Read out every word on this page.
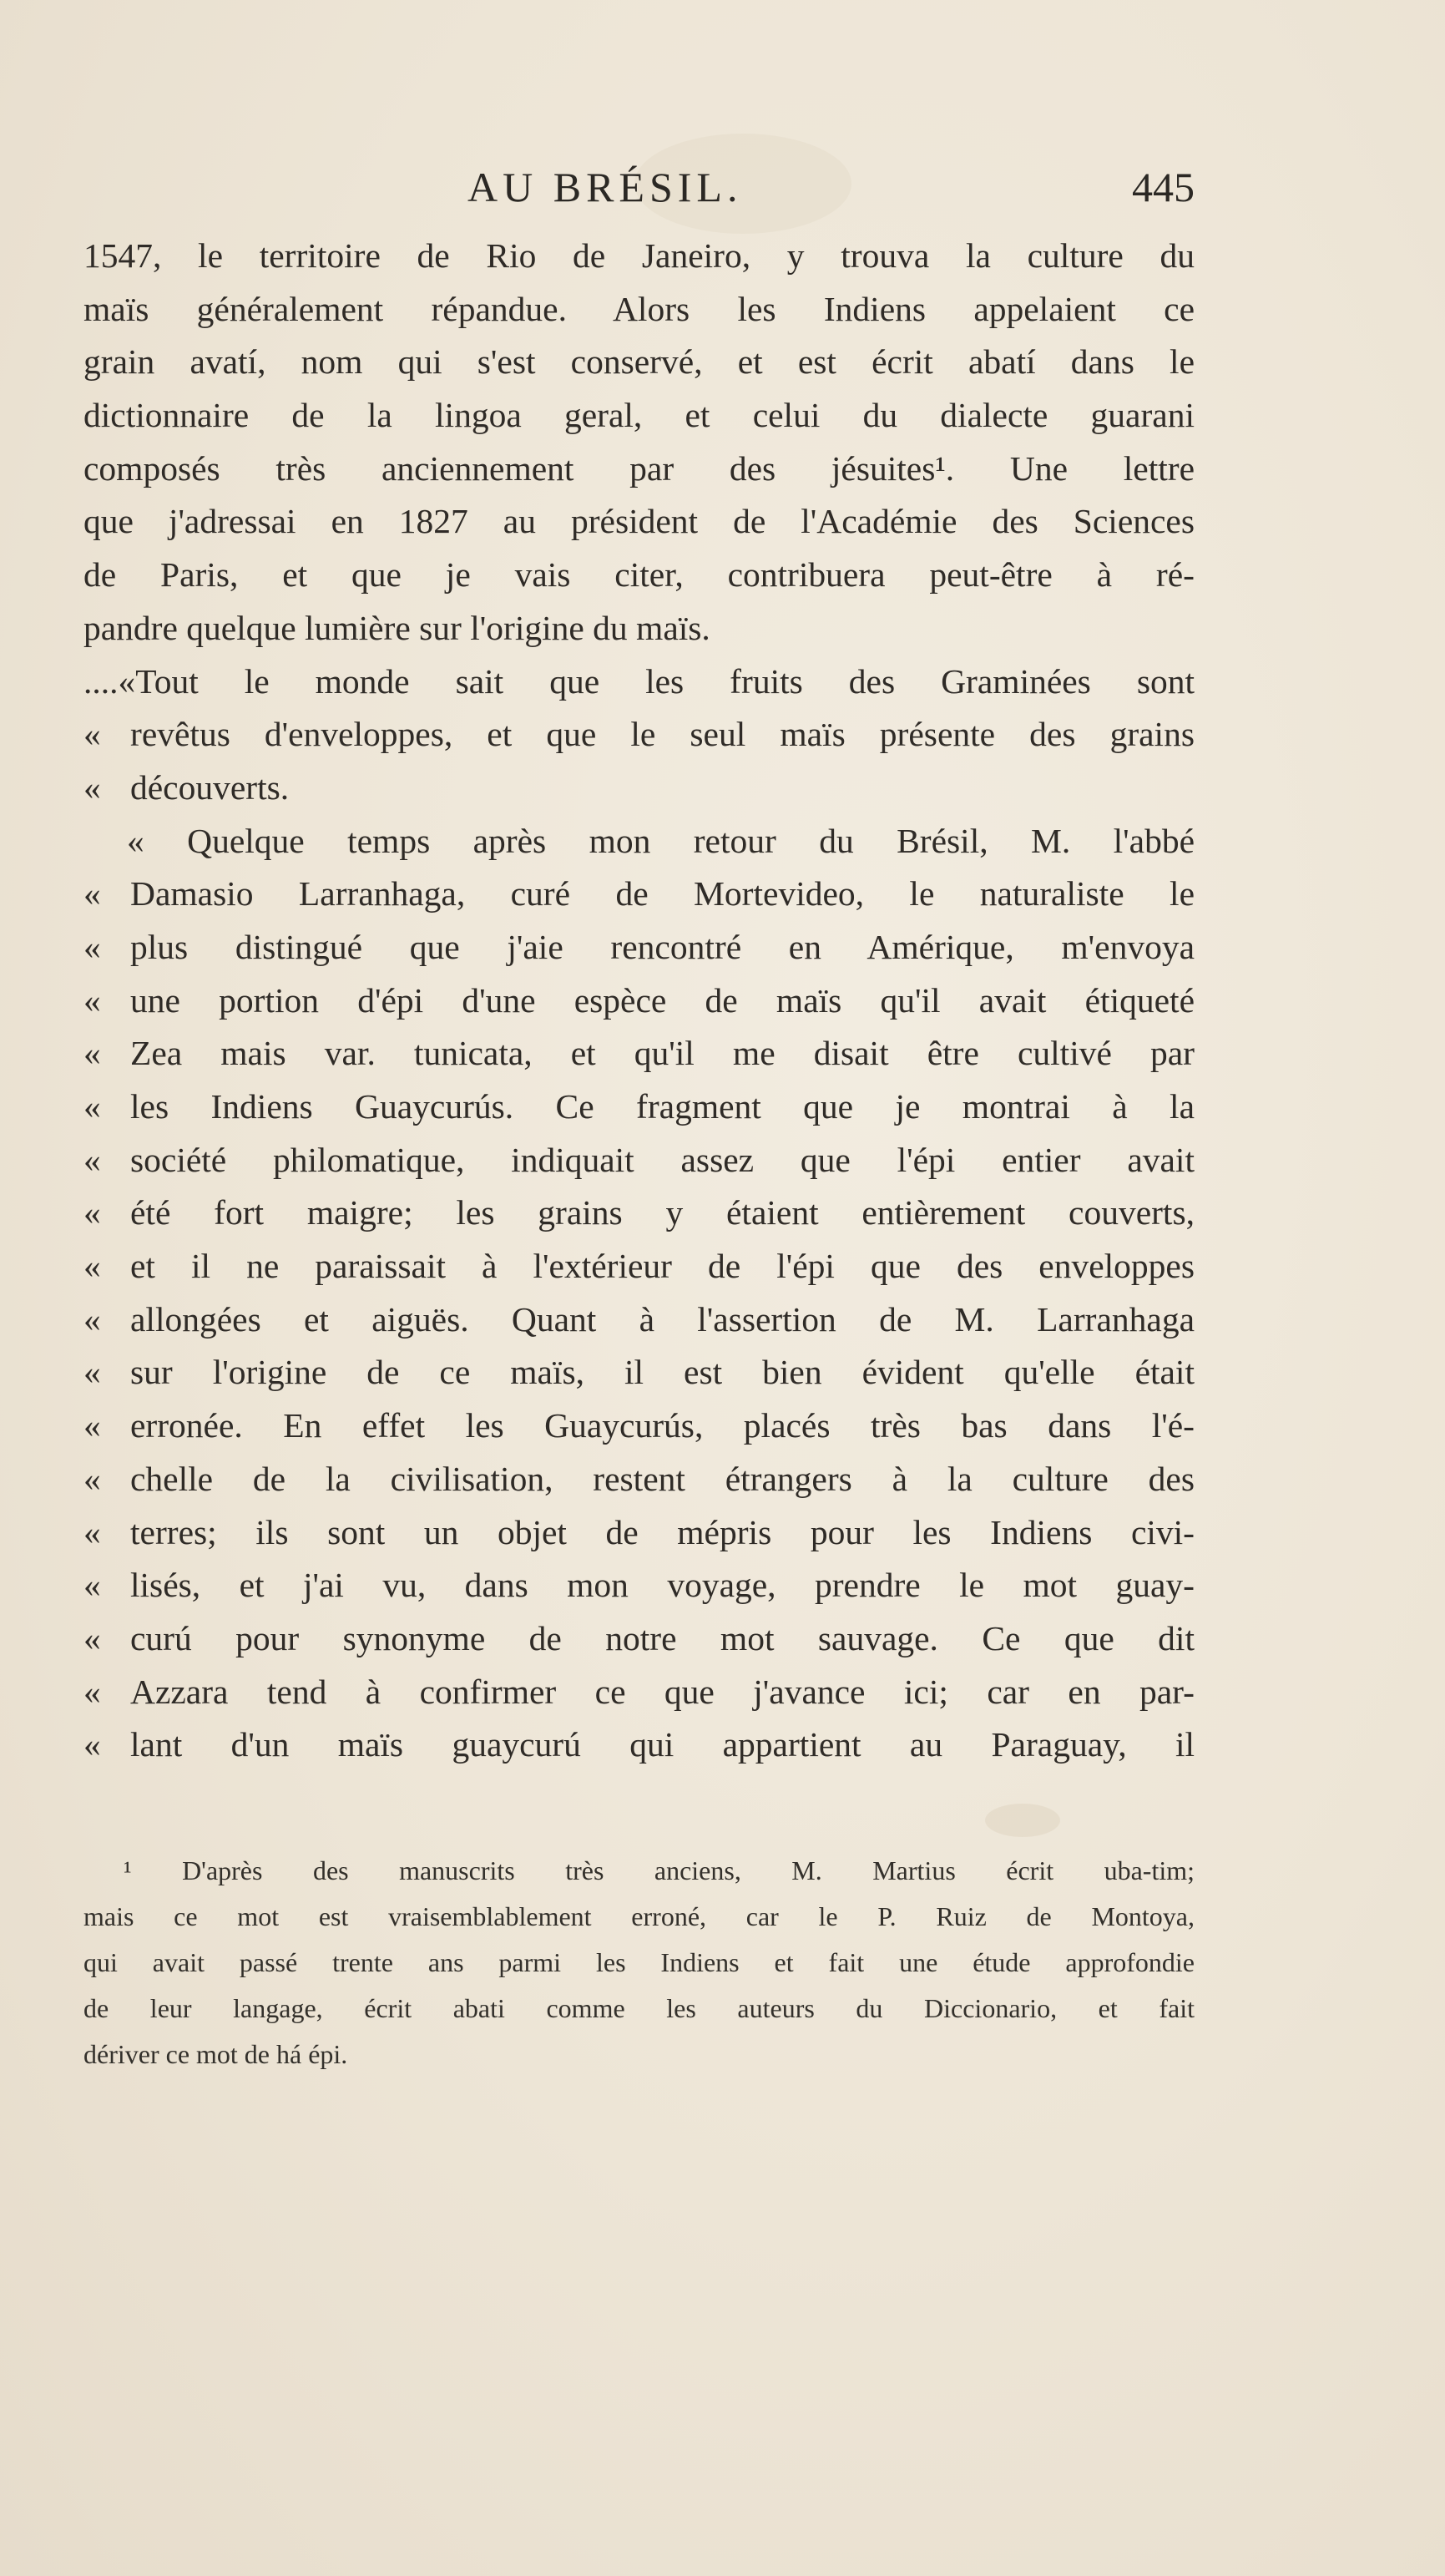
AU BRÉSIL.	445
1547, le territoire de Rio de Janeiro, y trouva la culture du
maïs généralement répandue. Alors les Indiens appelaient ce
grain avatí, nom qui s'est conservé, et est écrit abatí dans le
dictionnaire de la lingoa geral, et celui du dialecte guarani
composés très anciennement par des jésuites¹. Une lettre
que j'adressai en 1827 au président de l'Académie des Sciences
de Paris, et que je vais citer, contribuera peut-être à ré-
pandre quelque lumière sur l'origine du maïs.
....«Tout le monde sait que les fruits des Graminées sont
« revêtus d'enveloppes, et que le seul maïs présente des grains
« découverts.
« Quelque temps après mon retour du Brésil, M. l'abbé
« Damasio Larranhaga, curé de Mortevideo, le naturaliste le
« plus distingué que j'aie rencontré en Amérique, m'envoya
« une portion d'épi d'une espèce de maïs qu'il avait étiqueté
« Zea mais var. tunicata, et qu'il me disait être cultivé par
« les Indiens Guaycurús. Ce fragment que je montrai à la
« société philomatique, indiquait assez que l'épi entier avait
« été fort maigre; les grains y étaient entièrement couverts,
« et il ne paraissait à l'extérieur de l'épi que des enveloppes
« allongées et aiguës. Quant à l'assertion de M. Larranhaga
« sur l'origine de ce maïs, il est bien évident qu'elle était
« erronée. En effet les Guaycurús, placés très bas dans l'é-
« chelle de la civilisation, restent étrangers à la culture des
« terres; ils sont un objet de mépris pour les Indiens civi-
« lisés, et j'ai vu, dans mon voyage, prendre le mot guay-
« curú pour synonyme de notre mot sauvage. Ce que dit
« Azzara tend à confirmer ce que j'avance ici; car en par-
« lant d'un maïs guaycurú qui appartient au Paraguay, il
¹ D'après des manuscrits très anciens, M. Martius écrit uba-tim;
mais ce mot est vraisemblablement erroné, car le P. Ruiz de Montoya,
qui avait passé trente ans parmi les Indiens et fait une étude approfondie
de leur langage, écrit abati comme les auteurs du Diccionario, et fait
dériver ce mot de há épi.
